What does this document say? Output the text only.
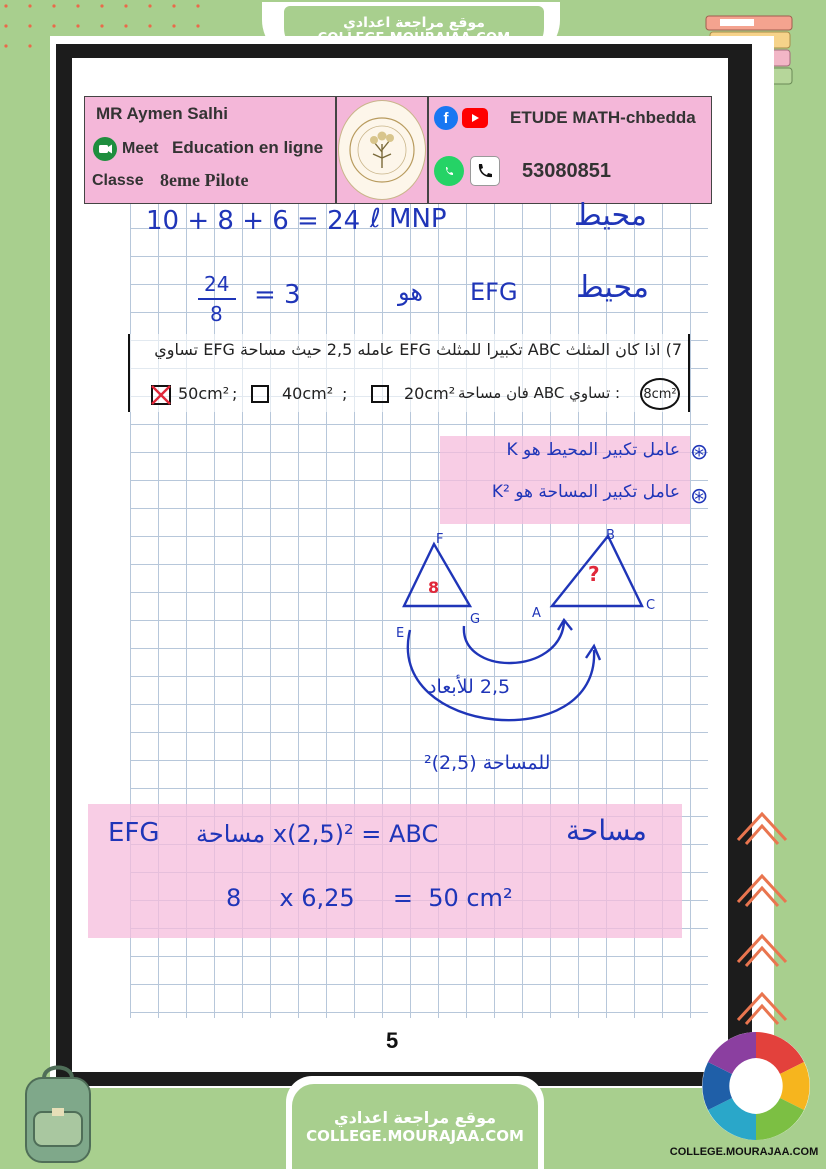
موقع مراجعة اعدادي
MR Aymen Salhi
Meet Education en ligne
Classe 8eme Pilote
f	ETUDE MATH-chbedda
53080851
10 + 8 + 6 = 24 ℓ MNP	محيط
24
8
= 3	هو EFG محيط
7) اذا كان المثلث ABC تكبيرا للمثلث EFG عامله 2,5 حيث مساحة EFG تساوي
50cm² ;	40cm² ;	20cm² : تساوي ABC فان مساحة 8cm²
عامل تكبير المحيط هو K
عامل تكبير المساحة هو K²
⊛
⊛
F
E
G
8
B
A
C
?
2,5 للأبعاد
للمساحة (2,5)²
EFG مساحة x(2,5)² = ABC	مساحة
8     x 6,25     =  50 cm²
5
موقع مراجعة اعدادي
COLLEGE.MOURAJAA.COM
COLLEGE.MOURAJAA.COM
